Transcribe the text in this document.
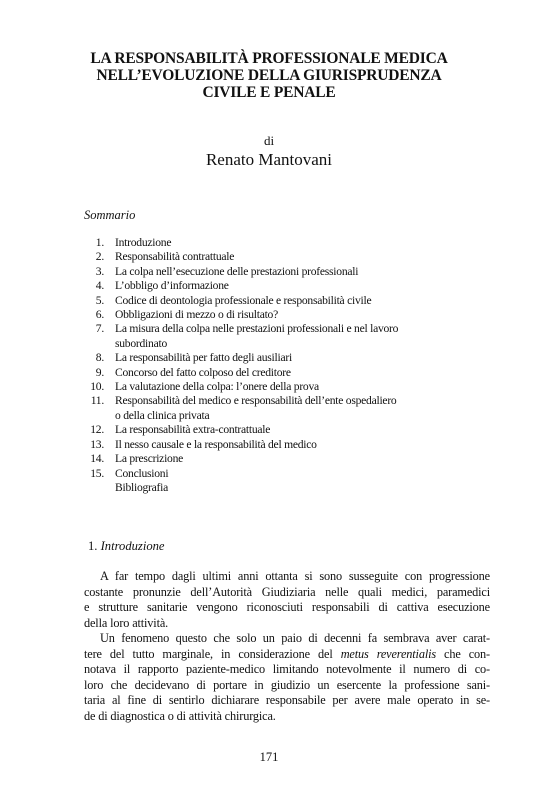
LA RESPONSABILITÀ PROFESSIONALE MEDICA
NELL’EVOLUZIONE DELLA GIURISPRUDENZA
CIVILE E PENALE
di
Renato Mantovani
Sommario
1. Introduzione
2. Responsabilità contrattuale
3. La colpa nell’esecuzione delle prestazioni professionali
4. L’obbligo d’informazione
5. Codice di deontologia professionale e responsabilità civile
6. Obbligazioni di mezzo o di risultato?
7. La misura della colpa nelle prestazioni professionali e nel lavoro
subordinato
8. La responsabilità per fatto degli ausiliari
9. Concorso del fatto colposo del creditore
10. La valutazione della colpa: l’onere della prova
11. Responsabilità del medico e responsabilità dell’ente ospedaliero
o della clinica privata
12. La responsabilità extra-contrattuale
13. Il nesso causale e la responsabilità del medico
14. La prescrizione
15. Conclusioni
Bibliografia
1. Introduzione
A far tempo dagli ultimi anni ottanta si sono susseguite con progressione
costante pronunzie dell’Autorità Giudiziaria nelle quali medici, paramedici
e strutture sanitarie vengono riconosciuti responsabili di cattiva esecuzione
della loro attività.
Un fenomeno questo che solo un paio di decenni fa sembrava aver carat-
tere del tutto marginale, in considerazione del metus reverentialis che con-
notava il rapporto paziente-medico limitando notevolmente il numero di co-
loro che decidevano di portare in giudizio un esercente la professione sani-
taria al fine di sentirlo dichiarare responsabile per avere male operato in se-
de di diagnostica o di attività chirurgica.
171
